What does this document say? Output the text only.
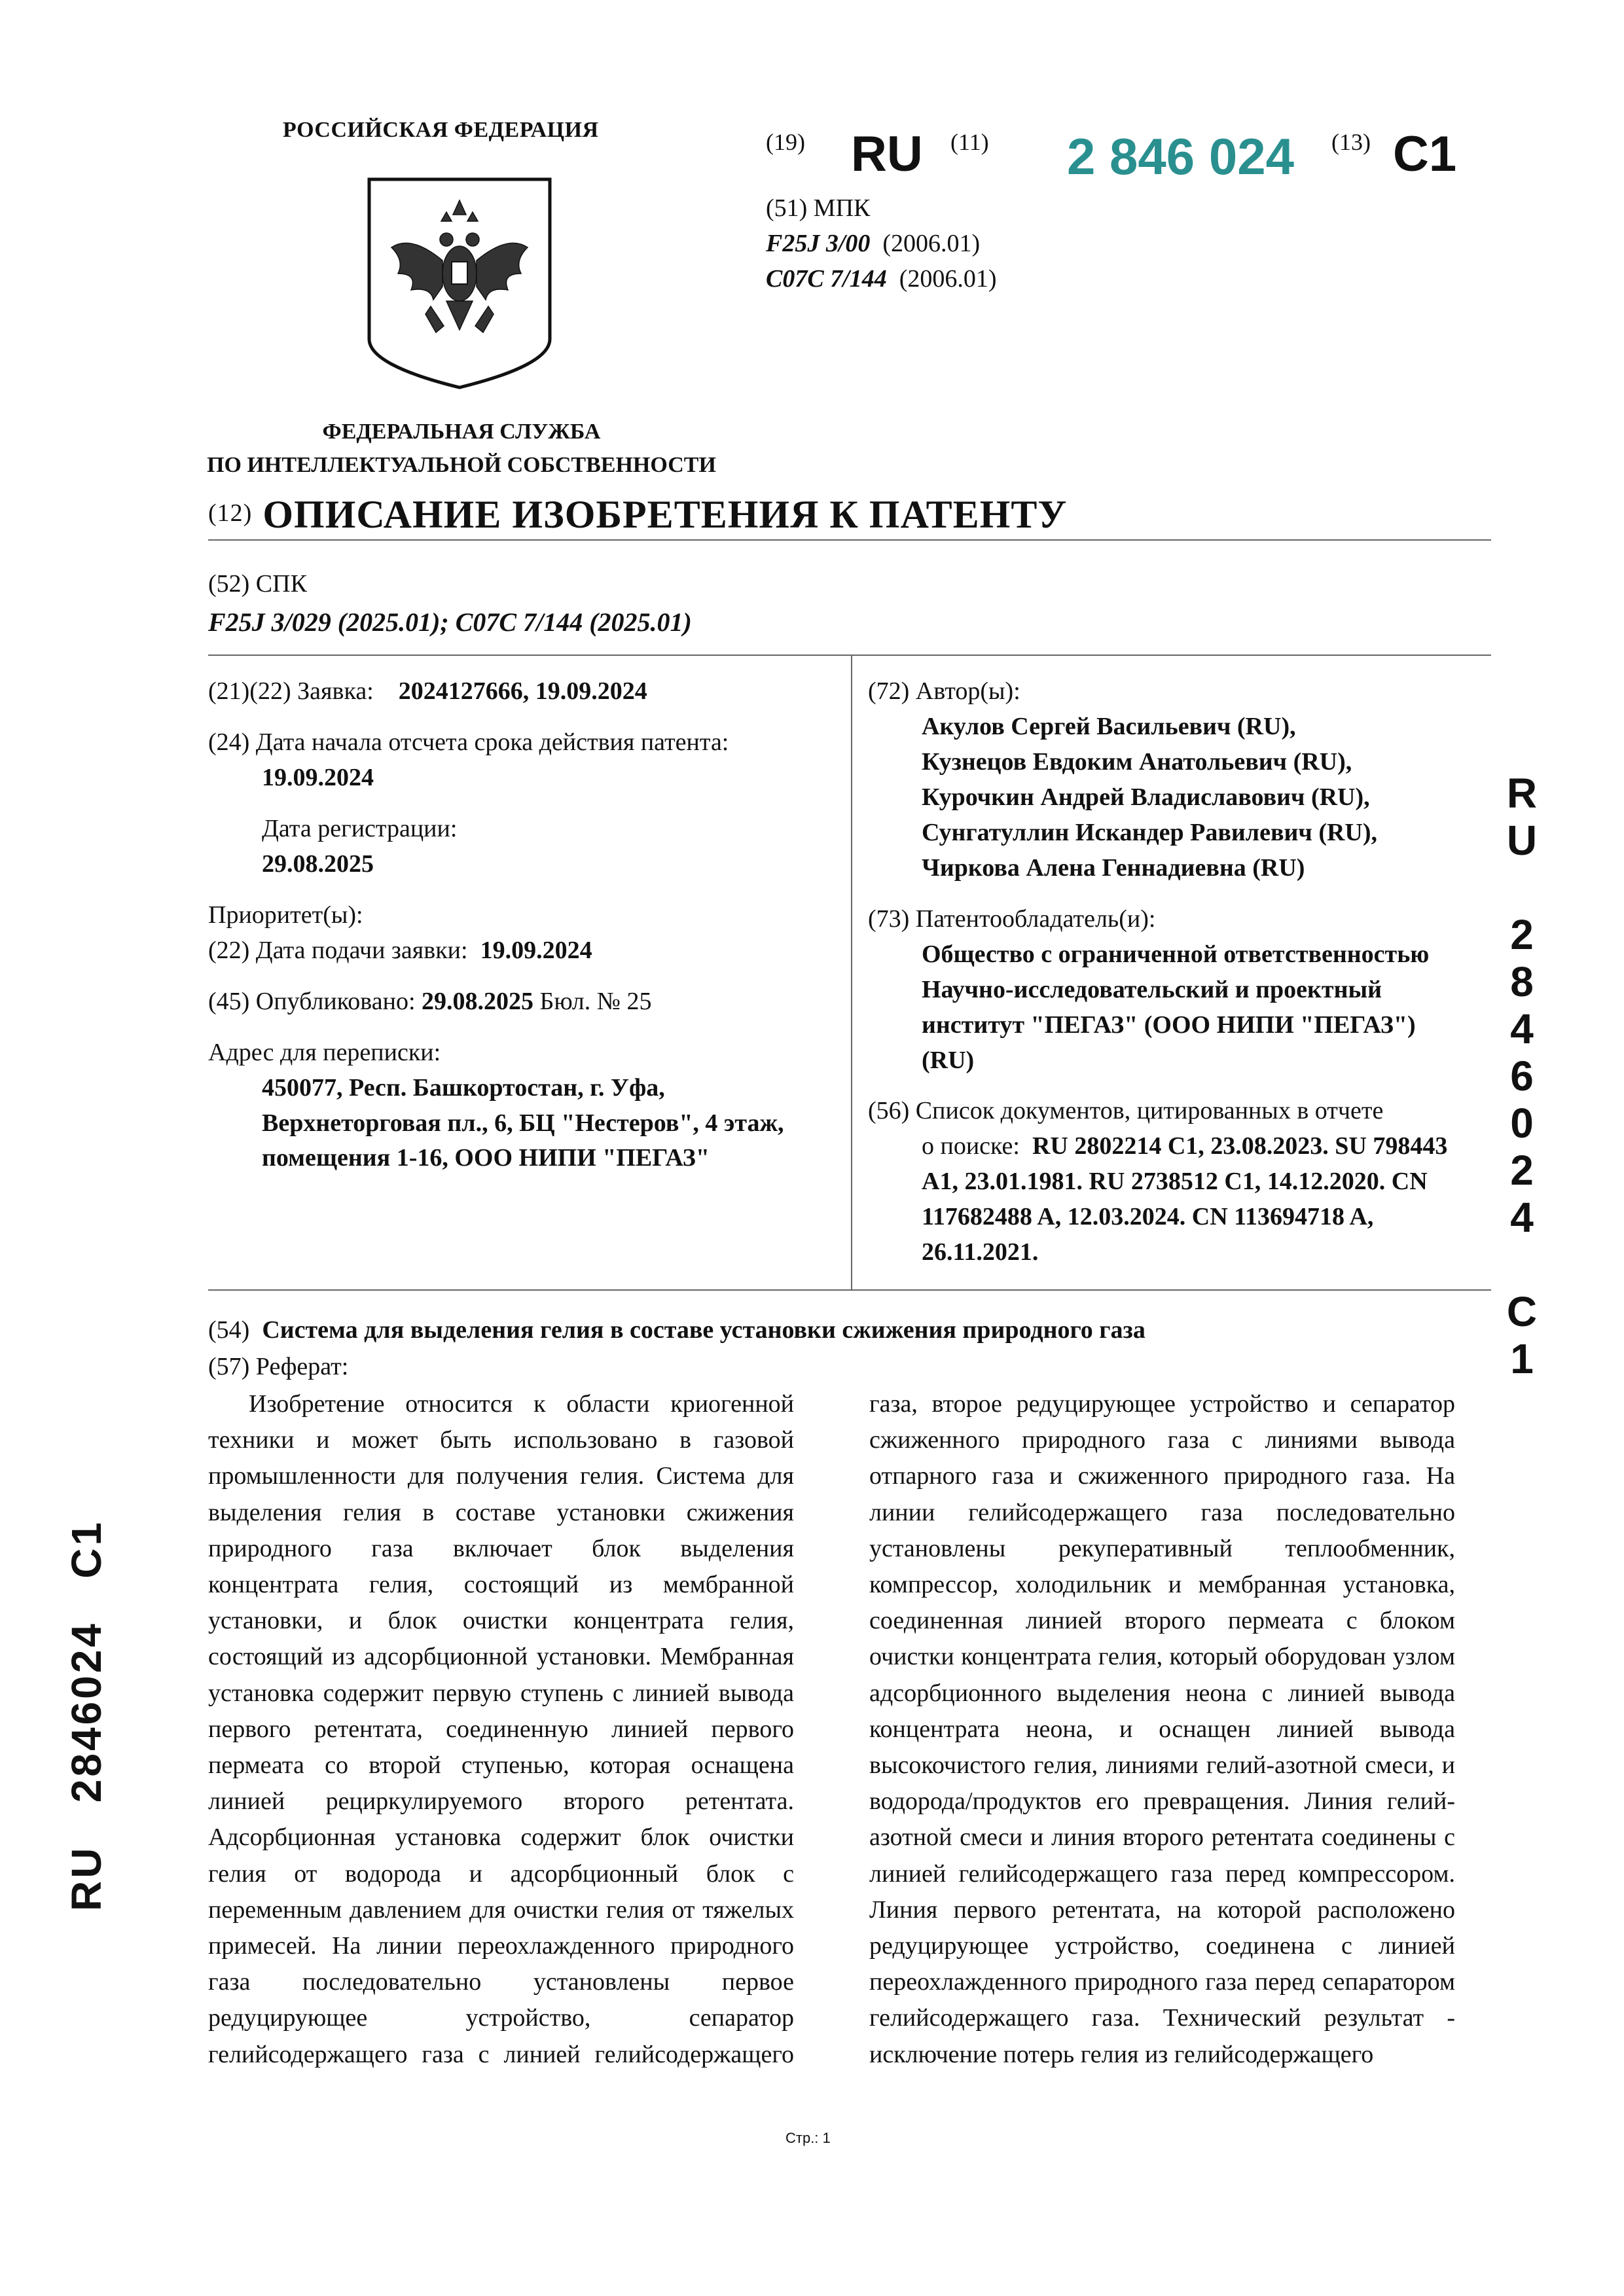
РОССИЙСКАЯ ФЕДЕРАЦИЯ
ФЕДЕРАЛЬНАЯ СЛУЖБА
ПО ИНТЕЛЛЕКТУАЛЬНОЙ СОБСТВЕННОСТИ
(19) RU (11) 2 846 024 (13) C1
(51) МПК
F25J 3/00 (2006.01)
C07C 7/144 (2006.01)
(12) ОПИСАНИЕ ИЗОБРЕТЕНИЯ К ПАТЕНТУ
(52) СПК
F25J 3/029 (2025.01); C07C 7/144 (2025.01)
(21)(22) Заявка: 2024127666, 19.09.2024
(24) Дата начала отсчета срока действия патента:
19.09.2024
Дата регистрации:
29.08.2025
Приоритет(ы):
(22) Дата подачи заявки: 19.09.2024
(45) Опубликовано: 29.08.2025 Бюл. № 25
Адрес для переписки:
450077, Респ. Башкортостан, г. Уфа,
Верхнеторговая пл., 6, БЦ "Нестеров", 4 этаж,
помещения 1-16, ООО НИПИ "ПЕГАЗ"
(72) Автор(ы):
Акулов Сергей Васильевич (RU),
Кузнецов Евдоким Анатольевич (RU),
Курочкин Андрей Владиславович (RU),
Сунгатуллин Искандер Равилевич (RU),
Чиркова Алена Геннадиевна (RU)
(73) Патентообладатель(и):
Общество с ограниченной ответственностью
Научно-исследовательский и проектный
институт "ПЕГАЗ" (ООО НИПИ "ПЕГАЗ")
(RU)
(56) Список документов, цитированных в отчете
о поиске: RU 2802214 C1, 23.08.2023. SU 798443
A1, 23.01.1981. RU 2738512 C1, 14.12.2020. CN
117682488 A, 12.03.2024. CN 113694718 A,
26.11.2021.
R
U
2
8
4
6
0
2
4
C
1
RU   2846024   C1
(54) Система для выделения гелия в составе установки сжижения природного газа
(57) Реферат:

Изобретение относится к области криогенной техники и может быть использовано в газовой промышленности для получения гелия. Система для выделения гелия в составе установки сжижения природного газа включает блок выделения концентрата гелия, состоящий из мембранной установки, и блок очистки концентрата гелия, состоящий из адсорбционной установки. Мембранная установка содержит первую ступень с линией вывода первого ретентата, соединенную линией первого пермеата со второй ступенью, которая оснащена линией рециркулируемого второго ретентата. Адсорбционная установка содержит блок очистки гелия от водорода и адсорбционный блок с переменным давлением для очистки гелия от тяжелых примесей. На линии переохлажденного природного газа последовательно установлены первое редуцирующее устройство, сепаратор гелийсодержащего газа с линией гелийсодержащего газа, второе редуцирующее устройство и сепаратор сжиженного природного газа с линиями вывода отпарного газа и сжиженного природного газа. На линии гелийсодержащего газа последовательно установлены рекуперативный теплообменник, компрессор, холодильник и мембранная установка, соединенная линией второго пермеата с блоком очистки концентрата гелия, который оборудован узлом адсорбционного выделения неона с линией вывода концентрата неона, и оснащен линией вывода высокочистого гелия, линиями гелий-азотной смеси, и водорода/продуктов его превращения. Линия гелий-азотной смеси и линия второго ретентата соединены с линией гелийсодержащего газа перед компрессором. Линия первого ретентата, на которой расположено редуцирующее устройство, соединена с линией переохлажденного природного газа перед сепаратором гелийсодержащего газа. Технический результат - исключение потерь гелия из гелийсодержащего

Стр.: 1
